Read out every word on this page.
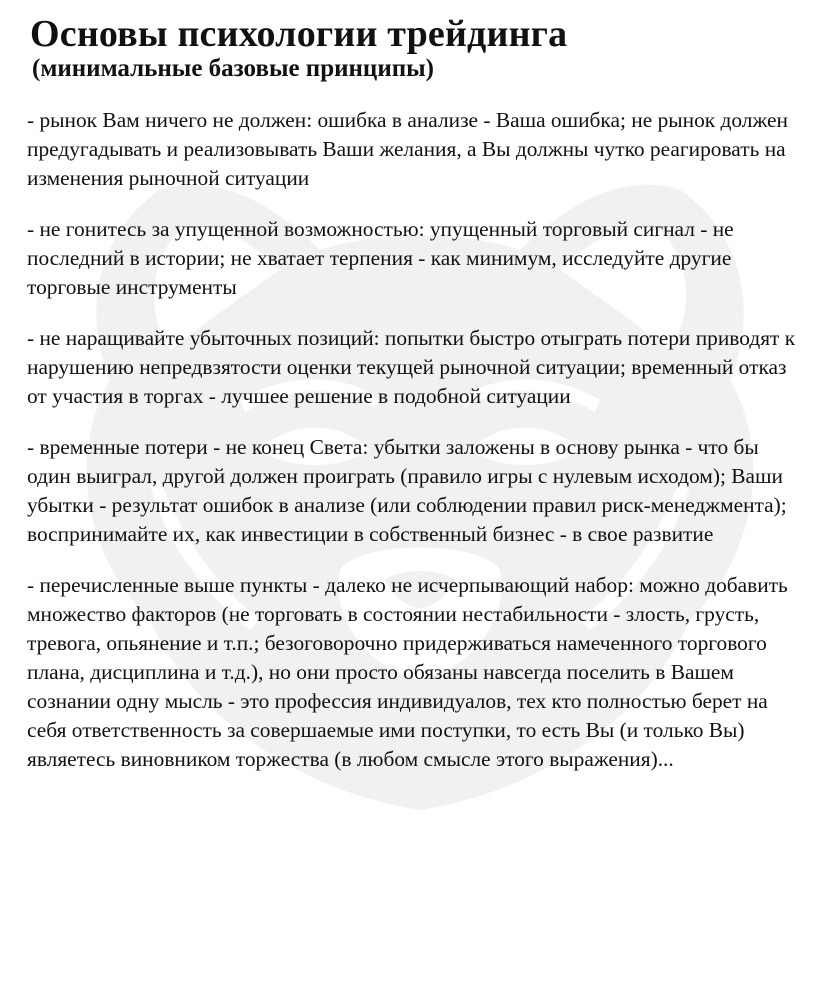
Основы психологии трейдинга
(минимальные базовые принципы)

- рынок Вам ничего не должен: ошибка в анализе - Ваша ошибка; не рынок должен предугадывать и реализовывать Ваши желания, а Вы должны чутко реагировать на изменения рыночной ситуации

- не гонитесь за упущенной возможностью: упущенный торговый сигнал - не последний в истории; не хватает терпения - как минимум, исследуйте другие торговые инструменты

- не наращивайте убыточных позиций: попытки быстро отыграть потери приводят к нарушению непредвзятости оценки текущей рыночной ситуации; временный отказ от участия в торгах - лучшее решение в подобной ситуации

- временные потери - не конец Света: убытки заложены в основу рынка - что бы один выиграл, другой должен проиграть (правило игры с нулевым исходом); Ваши убытки - результат ошибок в анализе (или соблюдении правил риск-менеджмента); воспринимайте их, как инвестиции в собственный бизнес - в свое развитие

- перечисленные выше пункты - далеко не исчерпывающий набор: можно добавить множество факторов (не торговать в состоянии нестабильности - злость, грусть, тревога, опьянение и т.п.; безоговорочно придерживаться намеченного торгового плана, дисциплина и т.д.), но они просто обязаны навсегда поселить в Вашем сознании одну мысль - это профессия индивидуалов, тех кто полностью берет на себя ответственность за совершаемые ими поступки, то есть Вы (и только Вы) являетесь виновником торжества (в любом смысле этого выражения)...
